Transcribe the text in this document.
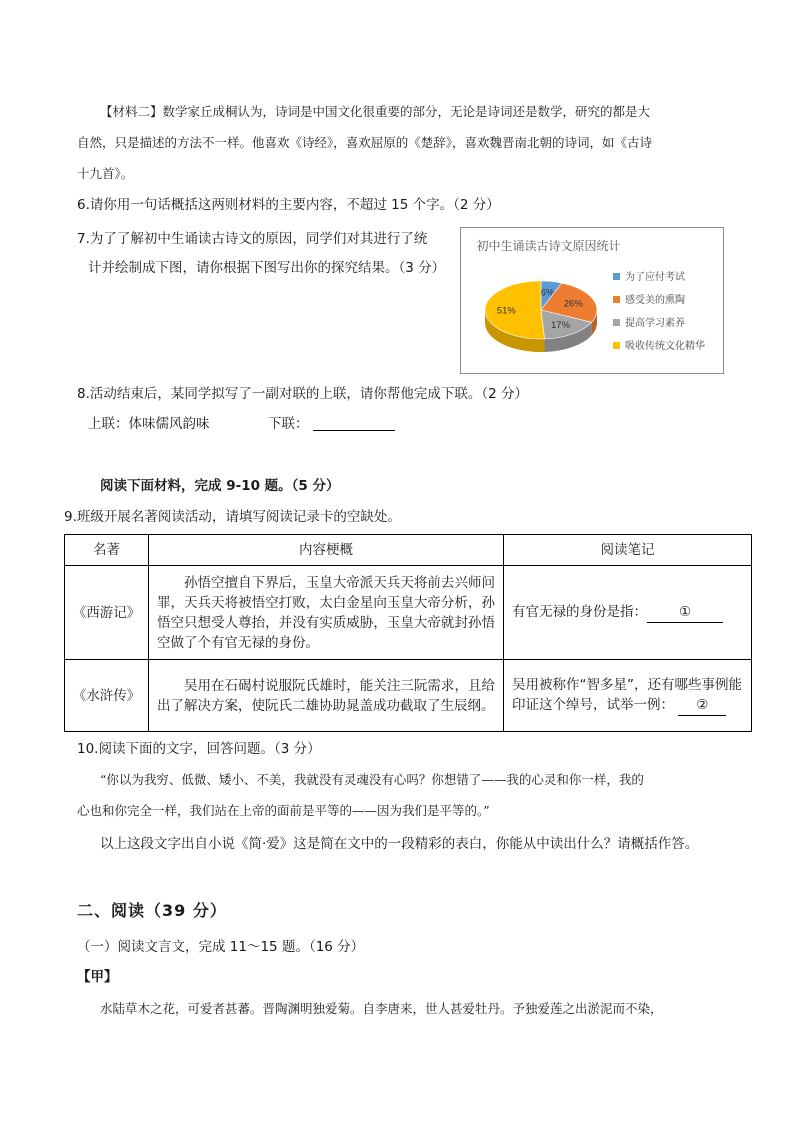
【材料二】数学家丘成桐认为，诗词是中国文化很重要的部分，无论是诗词还是数学，研究的都是大
自然，只是描述的方法不一样。他喜欢《诗经》，喜欢屈原的《楚辞》，喜欢魏晋南北朝的诗词，如《古诗
十九首》。
6.请你用一句话概括这两则材料的主要内容，不超过 15 个字。（2 分）
7.为了了解初中生诵读古诗文的原因，同学们对其进行了统
计并绘制成下图，请你根据下图写出你的探究结果。（3 分）
初中生诵读古诗文原因统计
6%
26%
17%
51%
为了应付考试
感受美的熏陶
提高学习素养
吸收传统文化精华
8.活动结束后，某同学拟写了一副对联的上联，请你帮他完成下联。（2 分）
上联：体味儒风韵味	下联：
阅读下面材料，完成 9-10 题。（5 分）
9.班级开展名著阅读活动，请填写阅读记录卡的空缺处。
名著	内容梗概	阅读笔记
《西游记》	孙悟空擅自下界后，玉皇大帝派天兵天将前去兴师问罪，天兵天将被悟空打败，太白金星向玉皇大帝分析，孙悟空只想受人尊抬，并没有实质威胁，玉皇大帝就封孙悟空做了个有官无禄的身份。	有官无禄的身份是指： ①
《水浒传》	吴用在石碣村说服阮氏雄时，能关注三阮需求，且给出了解决方案，使阮氏二雄协助晁盖成功截取了生辰纲。	吴用被称作“智多星”，还有哪些事例能印证这个绰号，试举一例： ②
10.阅读下面的文字，回答问题。（3 分）
“你以为我穷、低微、矮小、不美，我就没有灵魂没有心吗？你想错了——我的心灵和你一样，我的
心也和你完全一样，我们站在上帝的面前是平等的——因为我们是平等的。”
以上这段文字出自小说《简·爱》这是简在文中的一段精彩的表白，你能从中读出什么？请概括作答。
二、阅读（39 分）
（一）阅读文言文，完成 11～15 题。（16 分）
【甲】
水陆草木之花，可爱者甚蕃。晋陶渊明独爱菊。自李唐来，世人甚爱牡丹。予独爱莲之出淤泥而不染，
